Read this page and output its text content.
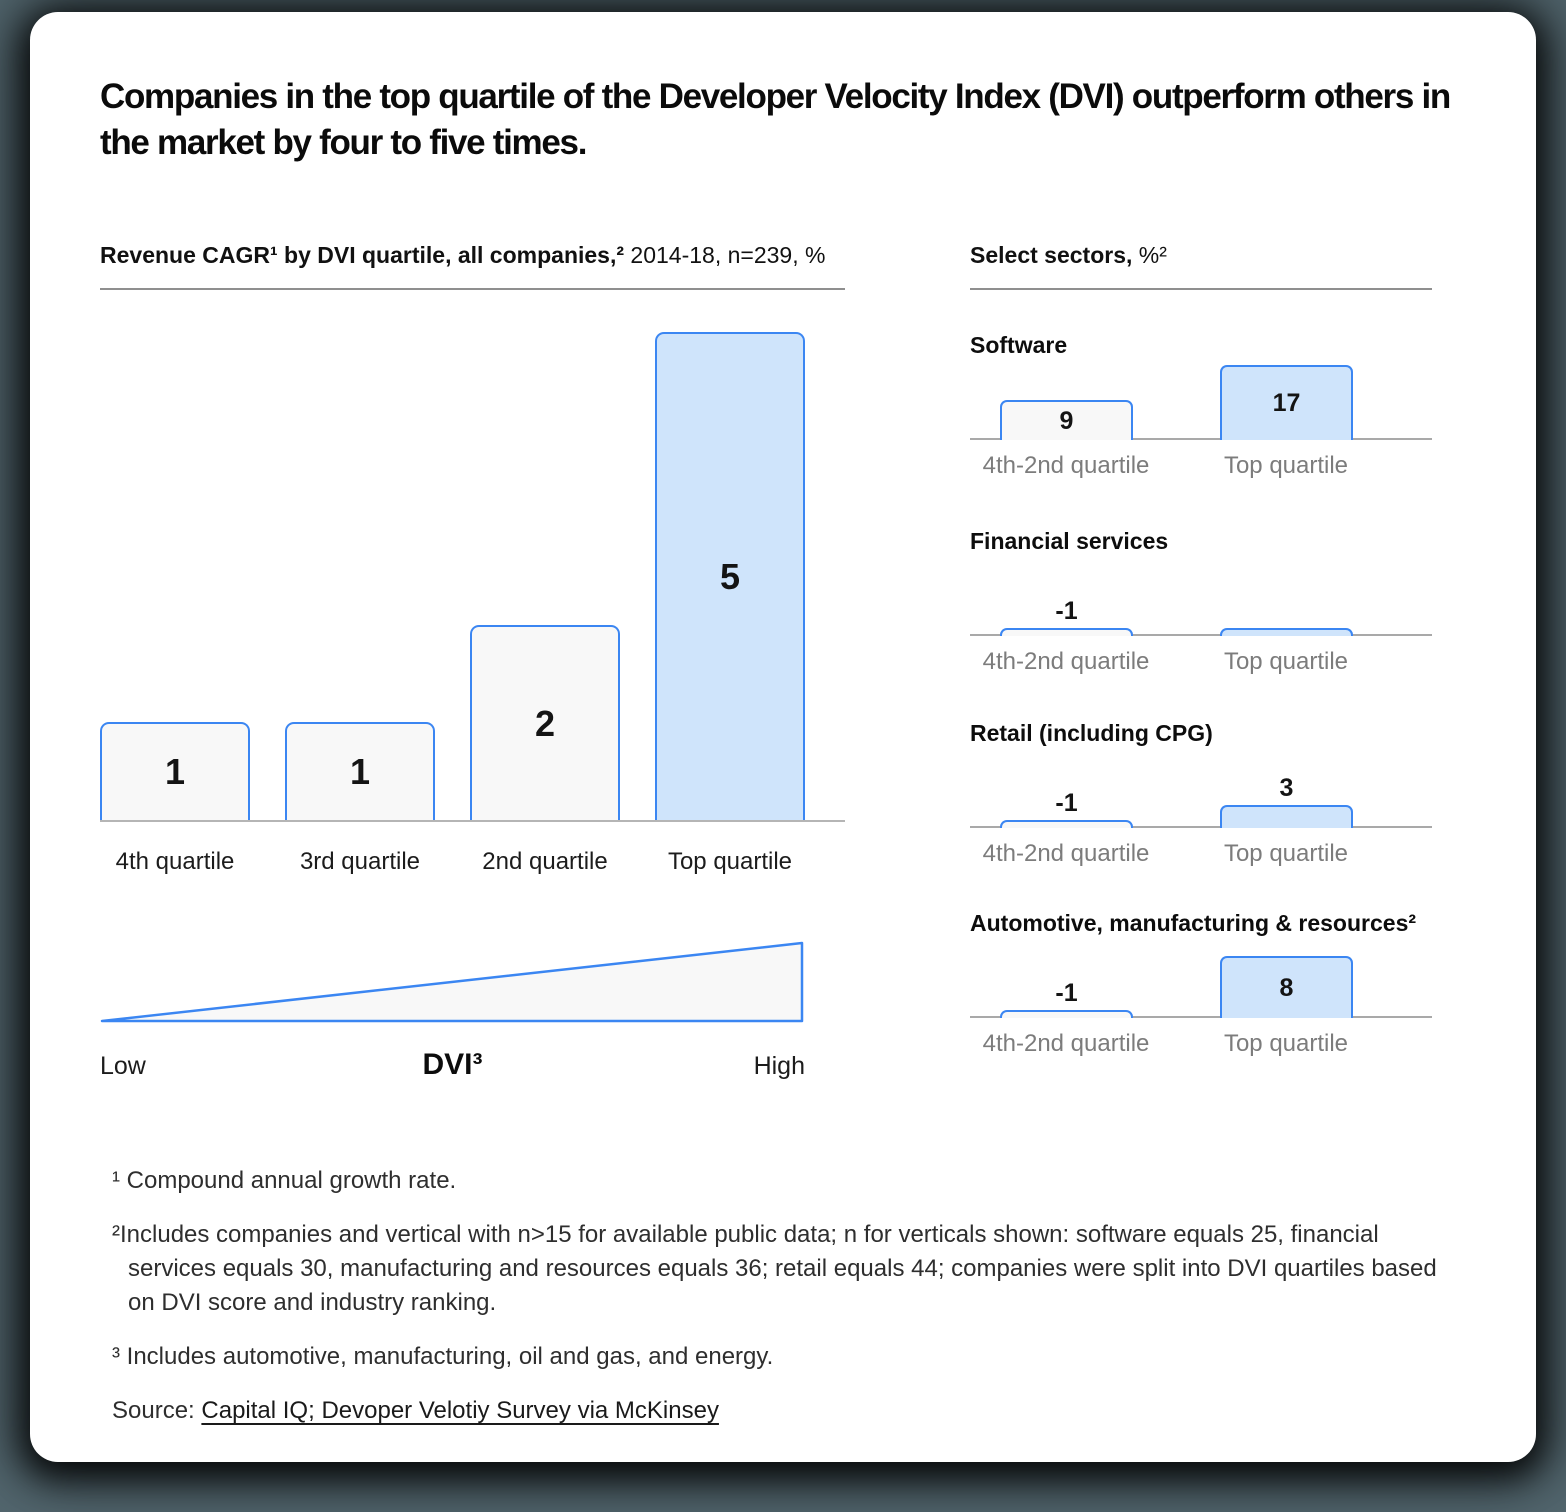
Companies in the top quartile of the Developer Velocity Index (DVI) outperform others in the market by four to five times.
Revenue CAGR¹ by DVI quartile, all companies,² 2014-18, n=239, %
1	1
2
5
4th quartile	3rd quartile	2nd quartile	Top quartile
Low	DVI³	High
Select sectors, %²
Software
4th-2nd quartile	Top quartile
9
17
Financial services
4th-2nd quartile	Top quartile
-1
Retail (including CPG)
4th-2nd quartile	Top quartile
-1
3
Automotive, manufacturing & resources²
4th-2nd quartile	Top quartile
-1	8
¹ Compound annual growth rate.
²Includes companies and vertical with n>15 for available public data; n for verticals shown: software equals 25, financial services equals 30, manufacturing and resources equals 36; retail equals 44; companies were split into DVI quartiles based on DVI score and industry ranking.
³ Includes automotive, manufacturing, oil and gas, and energy.
Source: Capital IQ; Devoper Velotiy Survey via McKinsey
